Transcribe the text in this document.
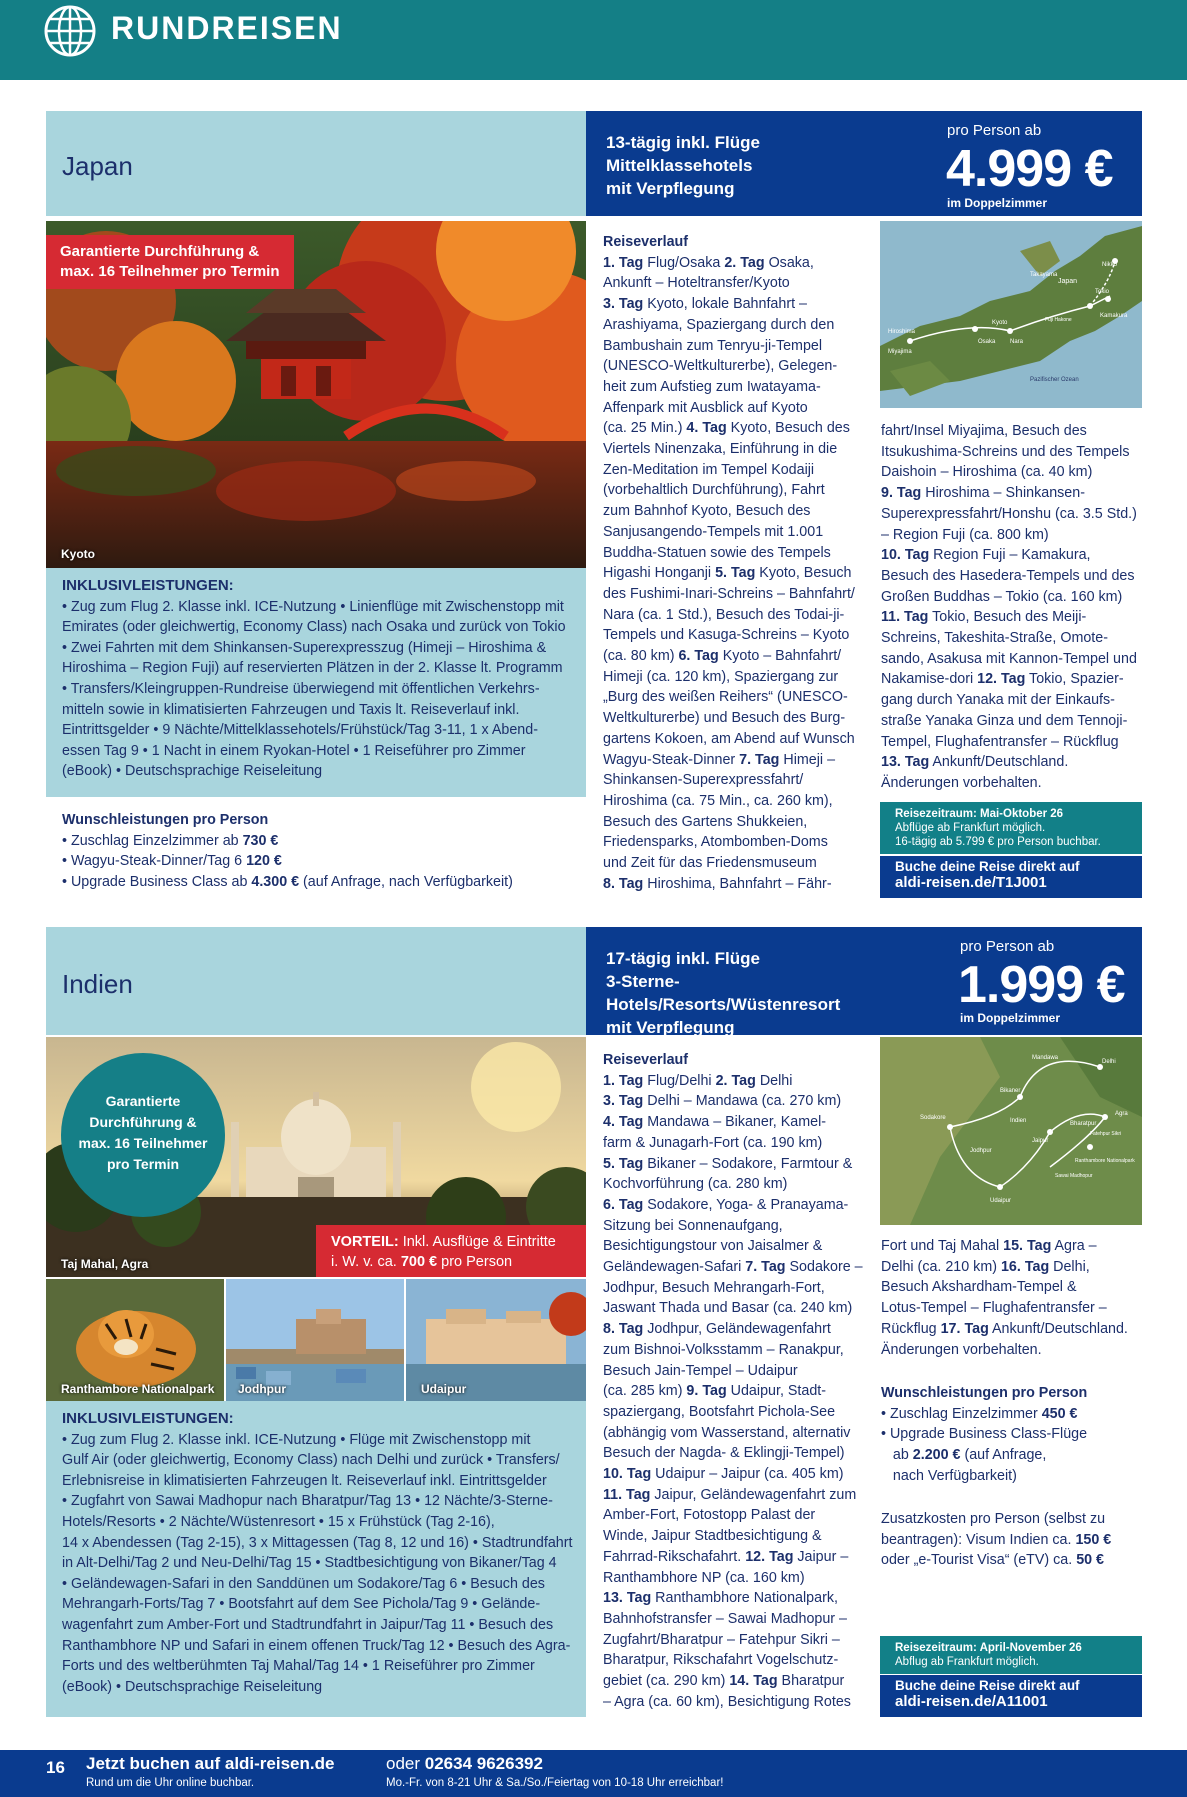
RUNDREISEN
Japan
13-tägig inkl. Flüge
Mittelklassehotels
mit Verpflegung
pro Person ab
4.999 €
im Doppelzimmer
Garantierte Durchführung &
max. 16 Teilnehmer pro Termin
Kyoto
INKLUSIVLEISTUNGEN:
• Zug zum Flug 2. Klasse inkl. ICE-Nutzung • Linienflüge mit Zwischenstopp mit
Emirates (oder gleichwertig, Economy Class) nach Osaka und zurück von Tokio
• Zwei Fahrten mit dem Shinkansen-Superexpresszug (Himeji – Hiroshima &
Hiroshima – Region Fuji) auf reservierten Plätzen in der 2. Klasse lt. Programm
• Transfers/Kleingruppen-Rundreise überwiegend mit öffentlichen Verkehrs-
mitteln sowie in klimatisierten Fahrzeugen und Taxis lt. Reiseverlauf inkl.
Eintrittsgelder • 9 Nächte/Mittelklassehotels/Frühstück/Tag 3-11, 1 x Abend-
essen Tag 9 • 1 Nacht in einem Ryokan-Hotel • 1 Reiseführer pro Zimmer
(eBook) • Deutschsprachige Reiseleitung
Wunschleistungen pro Person
• Zuschlag Einzelzimmer ab 730 €
• Wagyu-Steak-Dinner/Tag 6 120 €
• Upgrade Business Class ab 4.300 € (auf Anfrage, nach Verfügbarkeit)
Reiseverlauf
1. Tag Flug/Osaka 2. Tag Osaka,
Ankunft – Hoteltransfer/Kyoto
3. Tag Kyoto, lokale Bahnfahrt –
Arashiyama, Spaziergang durch den
Bambushain zum Tenryu-ji-Tempel
(UNESCO-Weltkulturerbe), Gelegen-
heit zum Aufstieg zum Iwatayama-
Affenpark mit Ausblick auf Kyoto
(ca. 25 Min.) 4. Tag Kyoto, Besuch des
Viertels Ninenzaka, Einführung in die
Zen-Meditation im Tempel Kodaiji
(vorbehaltlich Durchführung), Fahrt
zum Bahnhof Kyoto, Besuch des
Sanjusangendo-Tempels mit 1.001
Buddha-Statuen sowie des Tempels
Higashi Honganji 5. Tag Kyoto, Besuch
des Fushimi-Inari-Schreins – Bahnfahrt/
Nara (ca. 1 Std.), Besuch des Todai-ji-
Tempels und Kasuga-Schreins – Kyoto
(ca. 80 km) 6. Tag Kyoto – Bahnfahrt/
Himeji (ca. 120 km), Spaziergang zur
„Burg des weißen Reihers“ (UNESCO-
Weltkulturerbe) und Besuch des Burg-
gartens Kokoen, am Abend auf Wunsch
Wagyu-Steak-Dinner 7. Tag Himeji –
Shinkansen-Superexpressfahrt/
Hiroshima (ca. 75 Min., ca. 260 km),
Besuch des Gartens Shukkeien,
Friedensparks, Atombomben-Doms
und Zeit für das Friedensmuseum
8. Tag Hiroshima, Bahnfahrt – Fähr-
Nikko
Takayama
Japan
Tokio
Kamakura
Fuji Hakone
Kyoto
Osaka Nara
Hiroshima
Miyajima
Pazifischer Ozean
fahrt/Insel Miyajima, Besuch des
Itsukushima-Schreins und des Tempels
Daishoin – Hiroshima (ca. 40 km)
9. Tag Hiroshima – Shinkansen-
Superexpressfahrt/Honshu (ca. 3.5 Std.)
– Region Fuji (ca. 800 km)
10. Tag Region Fuji – Kamakura,
Besuch des Hasedera-Tempels und des
Großen Buddhas – Tokio (ca. 160 km)
11. Tag Tokio, Besuch des Meiji-
Schreins, Takeshita-Straße, Omote-
sando, Asakusa mit Kannon-Tempel und
Nakamise-dori 12. Tag Tokio, Spazier-
gang durch Yanaka mit der Einkaufs-
straße Yanaka Ginza und dem Tennoji-
Tempel, Flughafentransfer – Rückflug
13. Tag Ankunft/Deutschland.
Änderungen vorbehalten.
Reisezeitraum: Mai-Oktober 26
Abflüge ab Frankfurt möglich.
16-tägig ab 5.799 € pro Person buchbar.
Buche deine Reise direkt auf
aldi-reisen.de/T1J001
Indien
17-tägig inkl. Flüge
3-Sterne-Hotels/Resorts/Wüstenresort
mit Verpflegung
pro Person ab
1.999 €
im Doppelzimmer
Garantierte
Durchführung &
max. 16 Teilnehmer
pro Termin
Taj Mahal, Agra
VORTEIL: Inkl. Ausflüge & Eintritte
i. W. v. ca. 700 € pro Person
Ranthambore Nationalpark Jodhpur	Udaipur
INKLUSIVLEISTUNGEN:
• Zug zum Flug 2. Klasse inkl. ICE-Nutzung • Flüge mit Zwischenstopp mit
Gulf Air (oder gleichwertig, Economy Class) nach Delhi und zurück • Transfers/
Erlebnisreise in klimatisierten Fahrzeugen lt. Reiseverlauf inkl. Eintrittsgelder
• Zugfahrt von Sawai Madhopur nach Bharatpur/Tag 13 • 12 Nächte/3-Sterne-
Hotels/Resorts • 2 Nächte/Wüstenresort • 15 x Frühstück (Tag 2-16),
14 x Abendessen (Tag 2-15), 3 x Mittagessen (Tag 8, 12 und 16) • Stadtrundfahrt
in Alt-Delhi/Tag 2 und Neu-Delhi/Tag 15 • Stadtbesichtigung von Bikaner/Tag 4
• Geländewagen-Safari in den Sanddünen um Sodakore/Tag 6 • Besuch des
Mehrangarh-Forts/Tag 7 • Bootsfahrt auf dem See Pichola/Tag 9 • Gelände-
wagenfahrt zum Amber-Fort und Stadtrundfahrt in Jaipur/Tag 11 • Besuch des
Ranthambhore NP und Safari in einem offenen Truck/Tag 12 • Besuch des Agra-
Forts und des weltberühmten Taj Mahal/Tag 14 • 1 Reiseführer pro Zimmer
(eBook) • Deutschsprachige Reiseleitung
Reiseverlauf
1. Tag Flug/Delhi 2. Tag Delhi
3. Tag Delhi – Mandawa (ca. 270 km)
4. Tag Mandawa – Bikaner, Kamel-
farm & Junagarh-Fort (ca. 190 km)
5. Tag Bikaner – Sodakore, Farmtour &
Kochvorführung (ca. 280 km)
6. Tag Sodakore, Yoga- & Pranayama-
Sitzung bei Sonnenaufgang,
Besichtigungstour von Jaisalmer &
Geländewagen-Safari 7. Tag Sodakore –
Jodhpur, Besuch Mehrangarh-Fort,
Jaswant Thada und Basar (ca. 240 km)
8. Tag Jodhpur, Geländewagenfahrt
zum Bishnoi-Volksstamm – Ranakpur,
Besuch Jain-Tempel – Udaipur
(ca. 285 km) 9. Tag Udaipur, Stadt-
spaziergang, Bootsfahrt Pichola-See
(abhängig vom Wasserstand, alternativ
Besuch der Nagda- & Eklingji-Tempel)
10. Tag Udaipur – Jaipur (ca. 405 km)
11. Tag Jaipur, Geländewagenfahrt zum
Amber-Fort, Fotostopp Palast der
Winde, Jaipur Stadtbesichtigung &
Fahrrad-Rikschafahrt. 12. Tag Jaipur –
Ranthambhore NP (ca. 160 km)
13. Tag Ranthambhore Nationalpark,
Bahnhofstransfer – Sawai Madhopur –
Zugfahrt/Bharatpur – Fatehpur Sikri –
Bharatpur, Rikschafahrt Vogelschutz-
gebiet (ca. 290 km) 14. Tag Bharatpur
– Agra (ca. 60 km), Besichtigung Rotes
Delhi
Mandawa
Bikaner
Indien
Sodakore
Jodhpur
Jaipur
Bharatpur
Fatehpur Sikri
Agra
Ranthambore Nationalpark
Sawai Madhopur
Udaipur
Fort und Taj Mahal 15. Tag Agra –
Delhi (ca. 210 km) 16. Tag Delhi,
Besuch Akshardham-Tempel &
Lotus-Tempel – Flughafentransfer –
Rückflug 17. Tag Ankunft/Deutschland.
Änderungen vorbehalten.
Wunschleistungen pro Person
• Zuschlag Einzelzimmer 450 €
• Upgrade Business Class-Flüge
ab 2.200 € (auf Anfrage,
nach Verfügbarkeit)
Zusatzkosten pro Person (selbst zu
beantragen): Visum Indien ca. 150 €
oder „e-Tourist Visa“ (eTV) ca. 50 €
Reisezeitraum: April-November 26
Abflug ab Frankfurt möglich.
Buche deine Reise direkt auf
aldi-reisen.de/A11001
16 Jetzt buchen auf aldi-reisen.de
Rund um die Uhr online buchbar.
oder 02634 9626392
Mo.-Fr. von 8-21 Uhr & Sa./So./Feiertag von 10-18 Uhr erreichbar!
